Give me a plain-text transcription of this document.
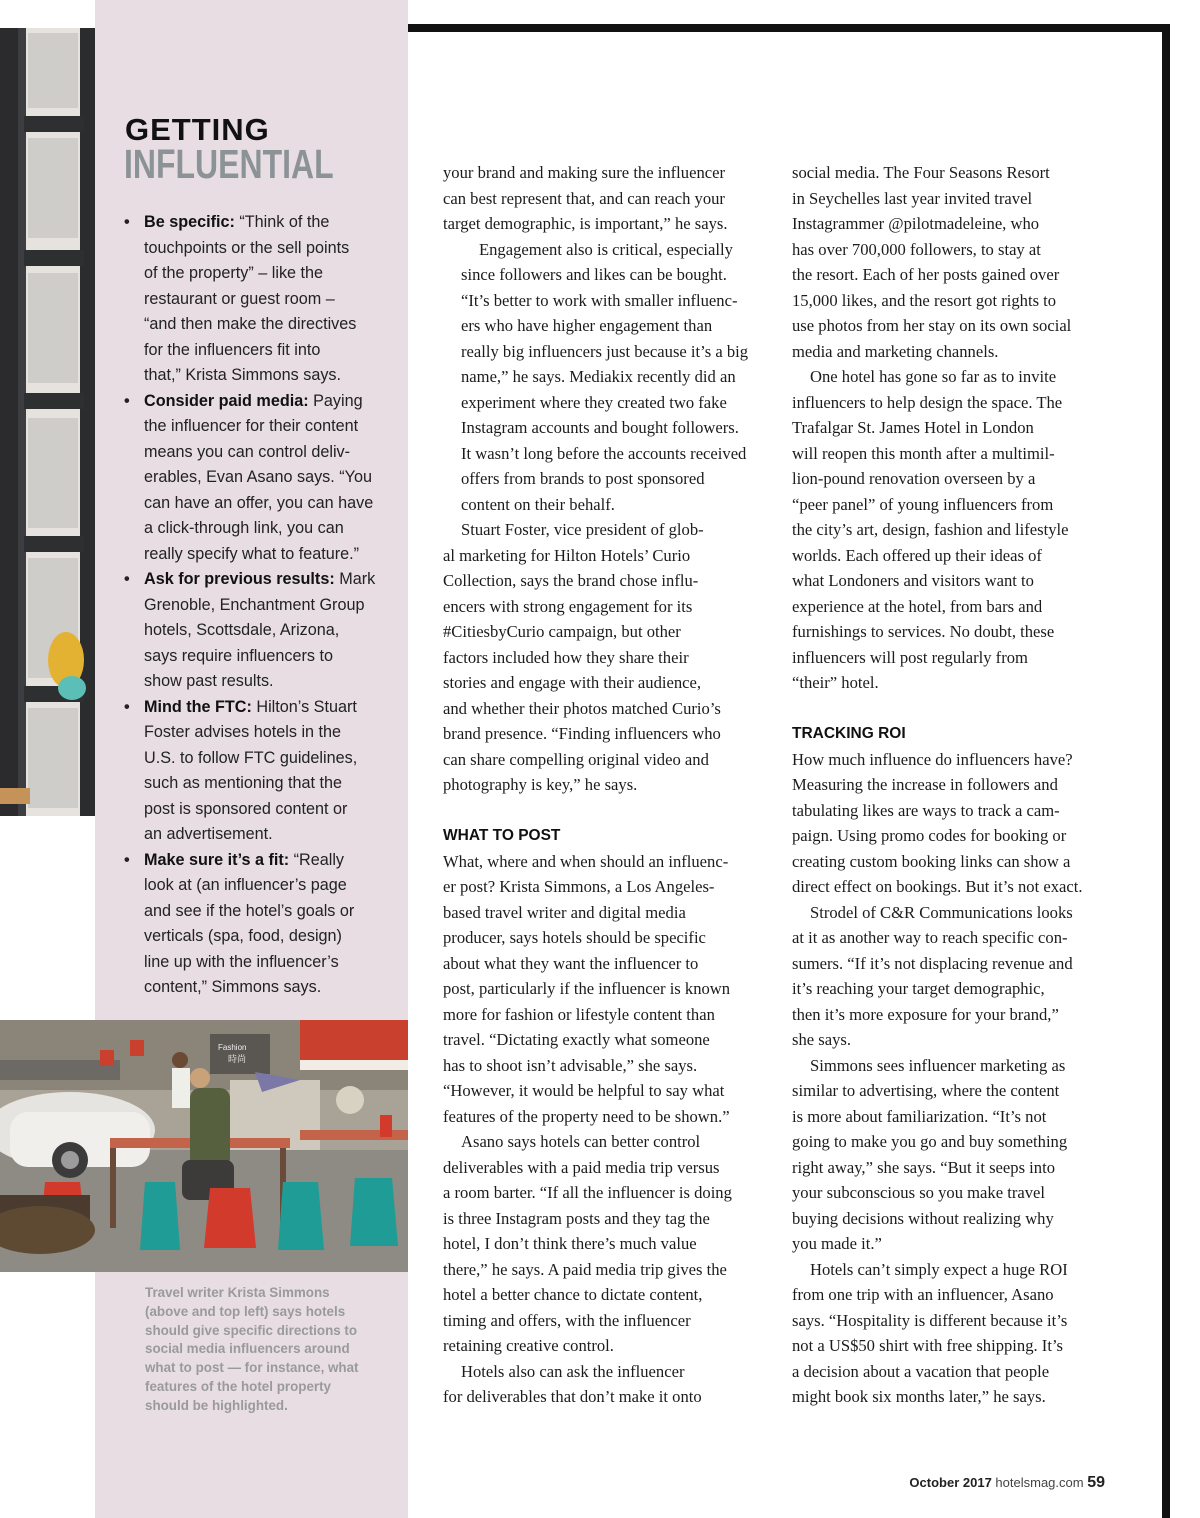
GETTING
INFLUENTIAL
• Be specific: “Think of the
touchpoints or the sell points
of the property” – like the
restaurant or guest room –
“and then make the directives
for the influencers fit into
that,” Krista Simmons says.
• Consider paid media: Paying
the influencer for their content
means you can control deliv-
erables, Evan Asano says. “You
can have an offer, you can have
a click-through link, you can
really specify what to feature.”
• Ask for previous results: Mark
Grenoble, Enchantment Group
hotels, Scottsdale, Arizona,
says require influencers to
show past results.
• Mind the FTC: Hilton’s Stuart
Foster advises hotels in the
U.S. to follow FTC guidelines,
such as mentioning that the
post is sponsored content or
an advertisement.
• Make sure it’s a fit: “Really
look at (an influencer’s page
and see if the hotel’s goals or
verticals (spa, food, design)
line up with the influencer’s
content,” Simmons says.
Fashion
時尚
Travel writer Krista Simmons (above and top left) says hotels should give specific directions to social media influencers around what to post — for instance, what features of the hotel property should be highlighted.

your brand and making sure the influencer
can best represent that, and can reach your
target demographic, is important,” he says.

Engagement also is critical, especially
since followers and likes can be bought.
“It’s better to work with smaller influenc-
ers who have higher engagement than
really big influencers just because it’s a big
name,” he says. Mediakix recently did an
experiment where they created two fake
Instagram accounts and bought followers.
It wasn’t long before the accounts received
offers from brands to post sponsored
content on their behalf.

Stuart Foster, vice president of glob-
al marketing for Hilton Hotels’ Curio
Collection, says the brand chose influ-
encers with strong engagement for its
#CitiesbyCurio campaign, but other
factors included how they share their
stories and engage with their audience,
and whether their photos matched Curio’s
brand presence. “Finding influencers who
can share compelling original video and
photography is key,” he says.

WHAT TO POST

What, where and when should an influenc-
er post? Krista Simmons, a Los Angeles-
based travel writer and digital media
producer, says hotels should be specific
about what they want the influencer to
post, particularly if the influencer is known
more for fashion or lifestyle content than
travel. “Dictating exactly what someone
has to shoot isn’t advisable,” she says.
“However, it would be helpful to say what
features of the property need to be shown.”

Asano says hotels can better control
deliverables with a paid media trip versus
a room barter. “If all the influencer is doing
is three Instagram posts and they tag the
hotel, I don’t think there’s much value
there,” he says. A paid media trip gives the
hotel a better chance to dictate content,
timing and offers, with the influencer
retaining creative control.

Hotels also can ask the influencer
for deliverables that don’t make it onto

social media. The Four Seasons Resort
in Seychelles last year invited travel
Instagrammer @pilotmadeleine, who
has over 700,000 followers, to stay at
the resort. Each of her posts gained over
15,000 likes, and the resort got rights to
use photos from her stay on its own social
media and marketing channels.

One hotel has gone so far as to invite
influencers to help design the space. The
Trafalgar St. James Hotel in London
will reopen this month after a multimil-
lion-pound renovation overseen by a
“peer panel” of young influencers from
the city’s art, design, fashion and lifestyle
worlds. Each offered up their ideas of
what Londoners and visitors want to
experience at the hotel, from bars and
furnishings to services. No doubt, these
influencers will post regularly from
“their” hotel.

TRACKING ROI

How much influence do influencers have?
Measuring the increase in followers and
tabulating likes are ways to track a cam-
paign. Using promo codes for booking or
creating custom booking links can show a
direct effect on bookings. But it’s not exact.

Strodel of C&R Communications looks
at it as another way to reach specific con-
sumers. “If it’s not displacing revenue and
it’s reaching your target demographic,
then it’s more exposure for your brand,”
she says.

Simmons sees influencer marketing as
similar to advertising, where the content
is more about familiarization. “It’s not
going to make you go and buy something
right away,” she says. “But it seeps into
your subconscious so you make travel
buying decisions without realizing why
you made it.”

Hotels can’t simply expect a huge ROI
from one trip with an influencer, Asano
says. “Hospitality is different because it’s
not a US$50 shirt with free shipping. It’s
a decision about a vacation that people
might book six months later,” he says.

October 2017 hotelsmag.com 59
